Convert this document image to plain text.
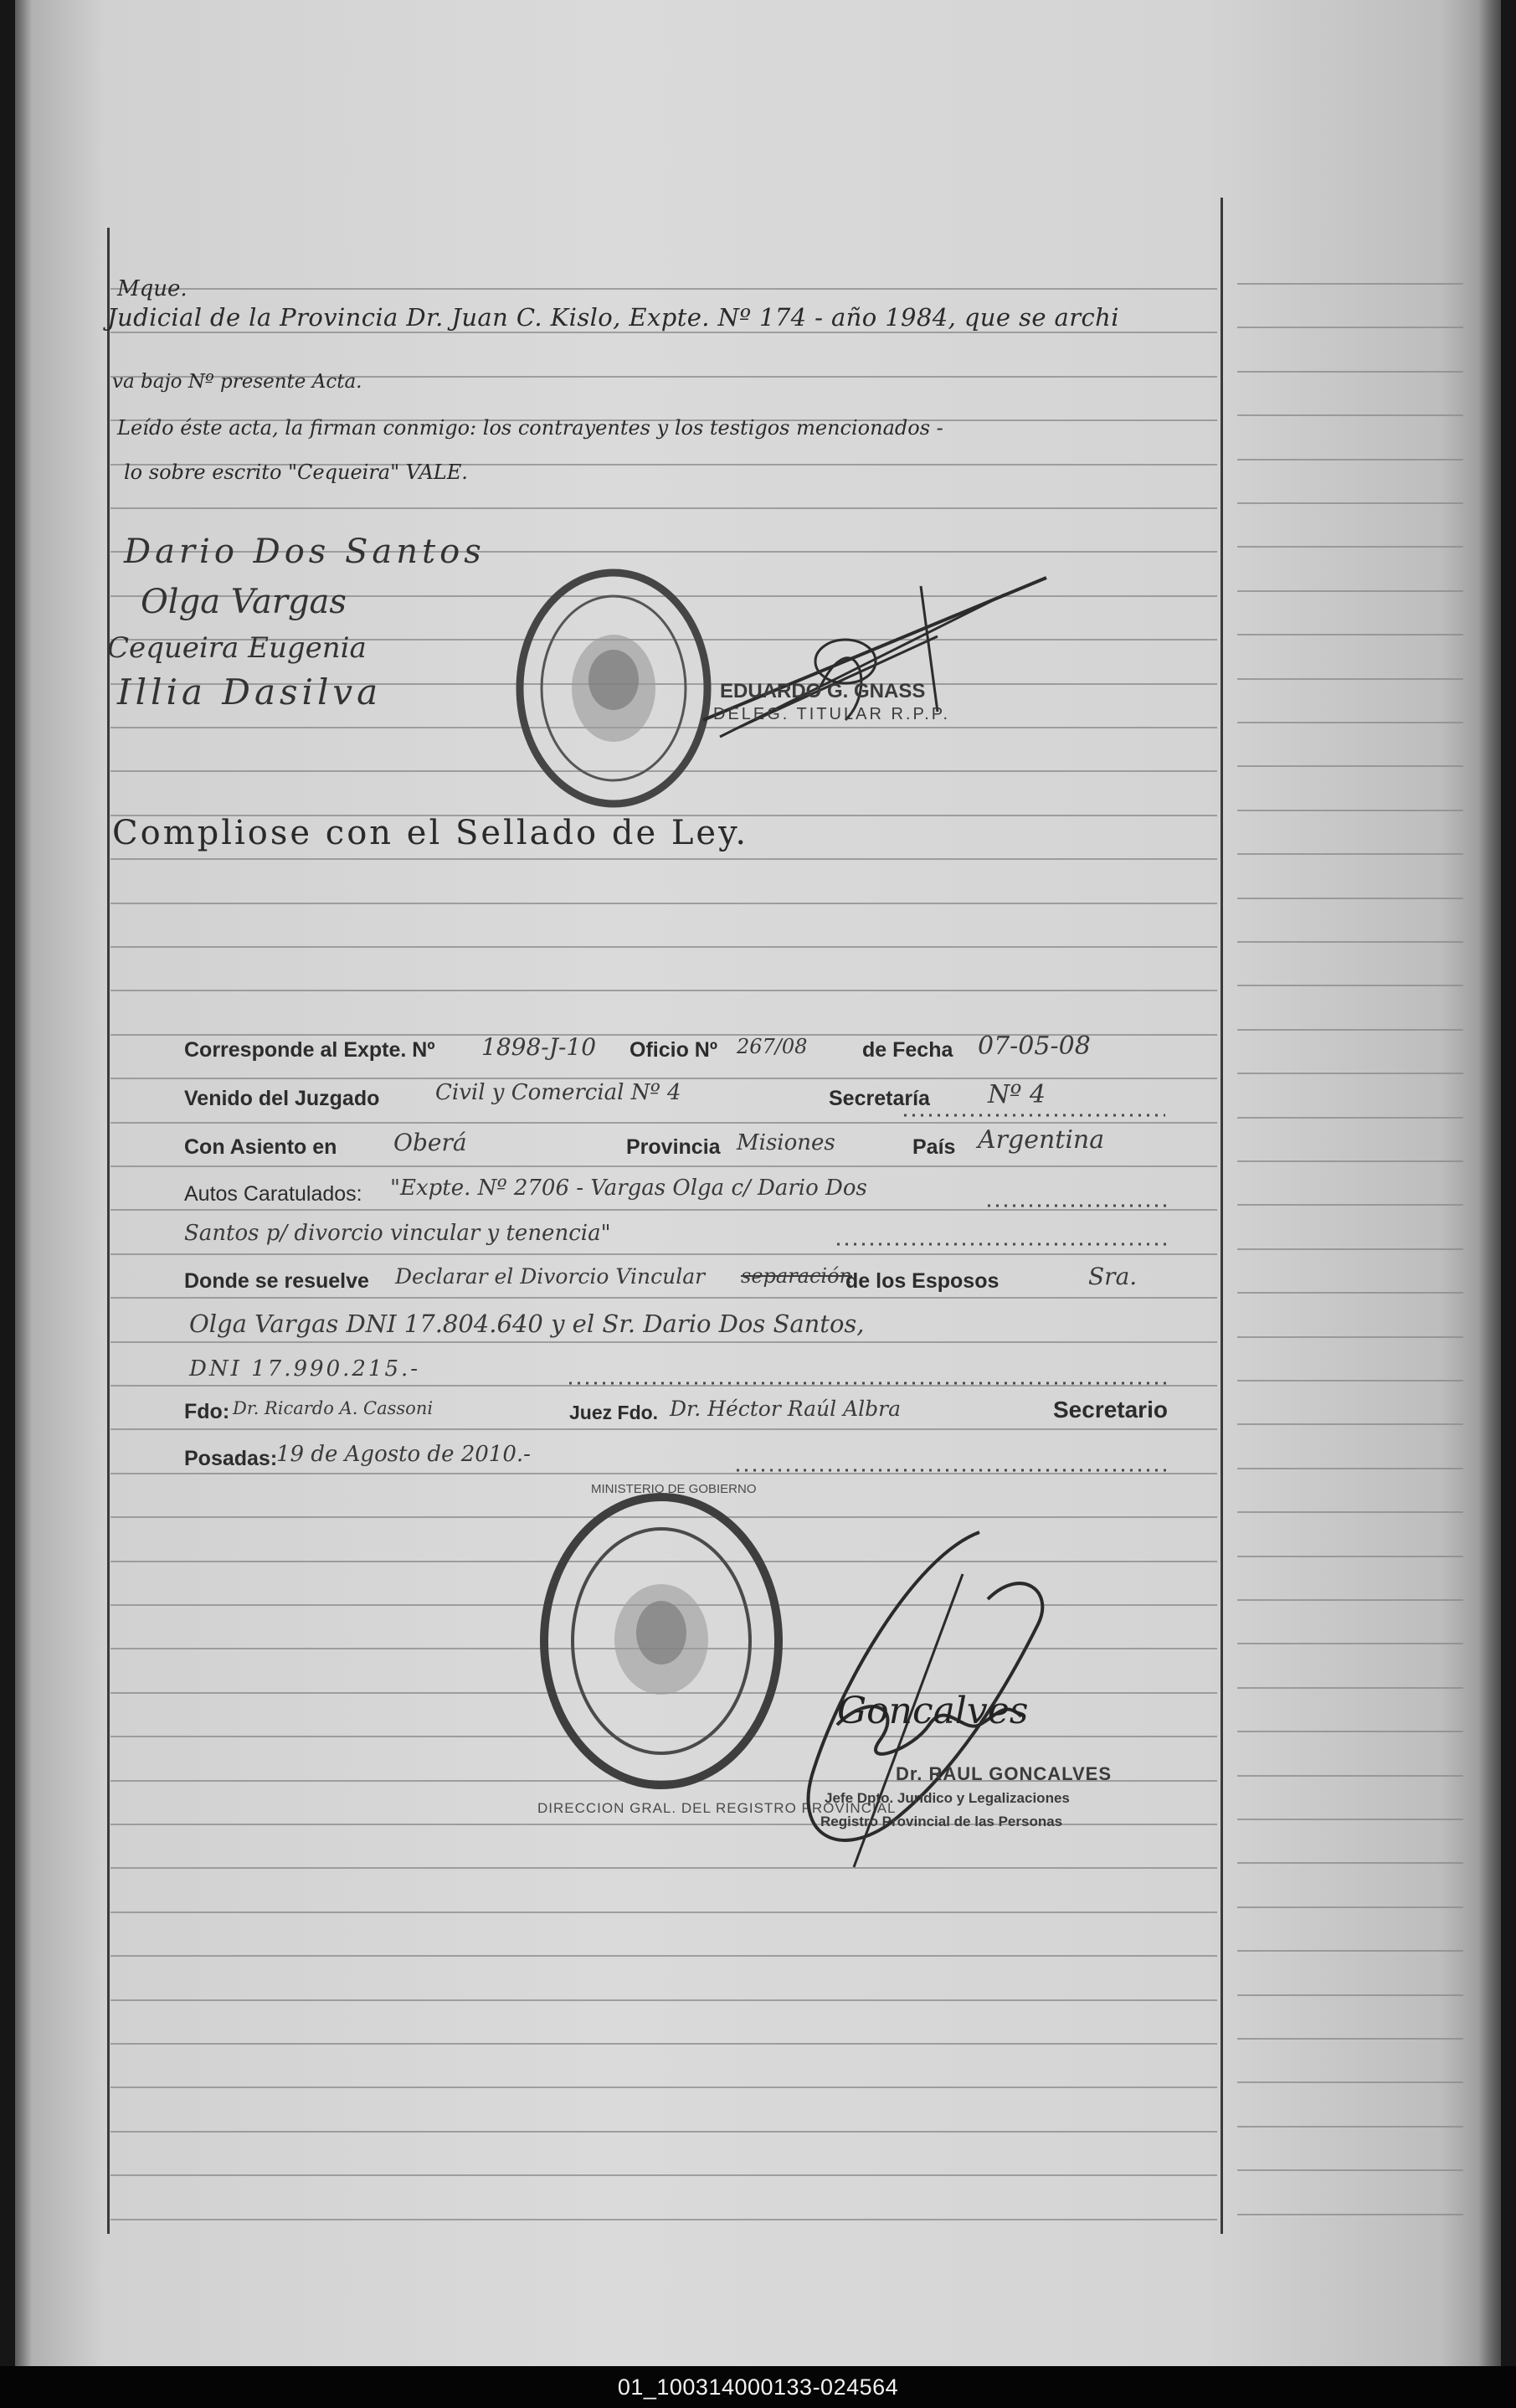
Mque.
Judicial de la Provincia Dr. Juan C. Kislo, Expte. Nº 174 - año 1984, que se archi
va bajo Nº presente Acta.
Leído éste acta, la firman conmigo: los contrayentes y los testigos mencionados -
lo sobre escrito "Cequeira" VALE.
Dario Dos Santos
Olga Vargas
Cequeira Eugenia
Illia Dasilva	EDUARDO G. GNASS
DELEG. TITULAR R.P.P.
Compliose con el Sellado de Ley.
Corresponde al Expte. Nº 1898-J-10 Oficio Nº 267/08	de Fecha 07-05-08
Venido del Juzgado	Civil y Comercial Nº 4	Secretaría Nº 4
Con Asiento en Oberá	Provincia Misiones	País Argentina
Autos Caratulados: "Expte. Nº 2706 - Vargas Olga c/ Dario Dos
Santos p/ divorcio vincular y tenencia"
Donde se resuelve Declarar el Divorcio Vincular separación
de los Esposos	Sra.
Olga Vargas DNI 17.804.640 y el Sr. Dario Dos Santos,
DNI 17.990.215.-
Fdo: Dr. Ricardo A. Cassoni	Juez Fdo. Dr. Héctor Raúl Albra	Secretario
Posadas:
19 de Agosto de 2010.-
DIRECCION GRAL. DEL REGISTRO PROVINCIAL
MINISTERIO DE GOBIERNO
Goncalves
Dr. RAUL GONCALVES
Jefe Dpto. Jurídico y Legalizaciones
Registro Provincial de las Personas
01_100314000133-024564
